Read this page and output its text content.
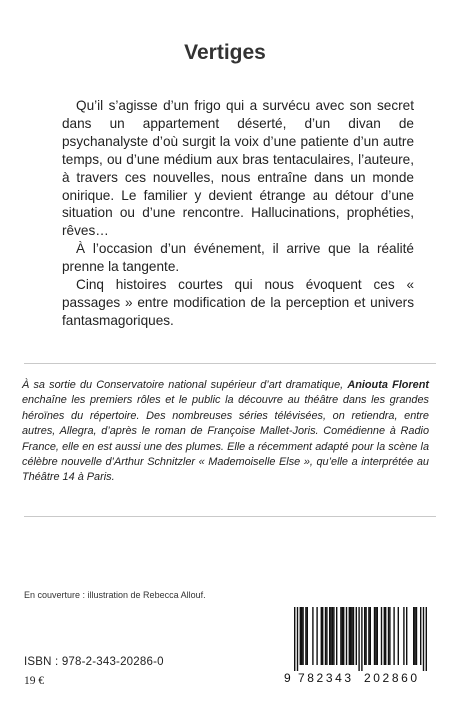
Vertiges

Qu’il s’agisse d’un frigo qui a survécu avec son secret dans un appartement déserté, d’un divan de psychanalyste d’où surgit la voix d’une patiente d’un autre temps, ou d’une médium aux bras tentaculaires, l’auteure, à travers ces nouvelles, nous entraîne dans un monde onirique. Le familier y devient étrange au détour d’une situation ou d’une rencontre. Hallucinations, prophéties, rêves…

À l’occasion d’un événement, il arrive que la réalité prenne la tangente.

Cinq histoires courtes qui nous évoquent ces « passages » entre modification de la perception et univers fantasmagoriques.

À sa sortie du Conservatoire national supérieur d’art dramatique, Aniouta Florent enchaîne les premiers rôles et le public la découvre au théâtre dans les grandes héroïnes du répertoire. Des nombreuses séries télévisées, on retiendra, entre autres, Allegra, d’après le roman de Françoise Mallet-Joris. Comédienne à Radio France, elle en est aussi une des plumes. Elle a récemment adapté pour la scène la célèbre nouvelle d’Arthur Schnitzler « Mademoiselle Else », qu’elle a interprétée au Théâtre 14 à Paris.

En couverture : illustration de Rebecca Allouf.
ISBN : 978-2-343-20286-0
19 €	9 782343 202860
